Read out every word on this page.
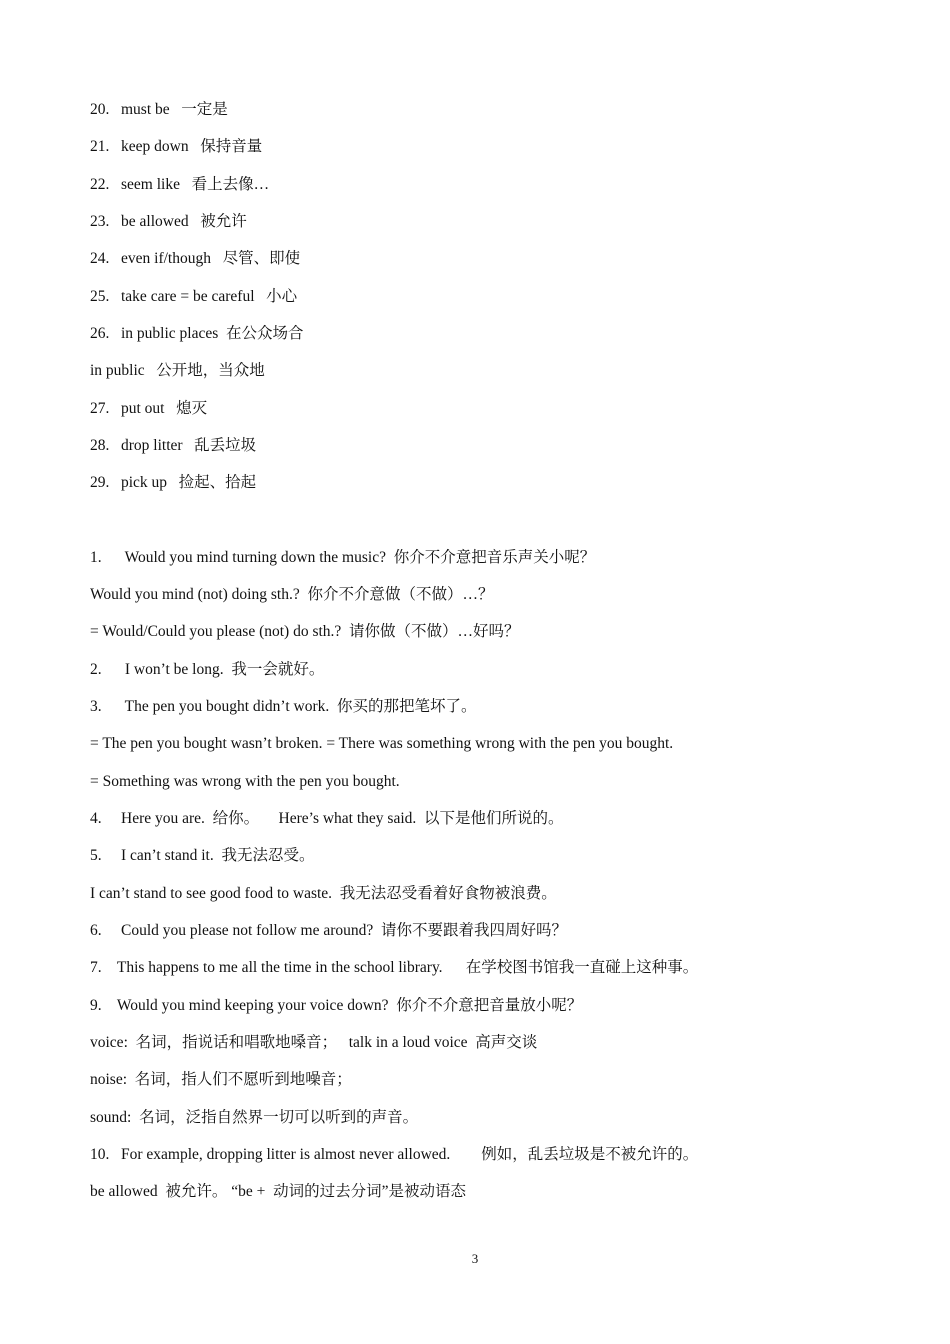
20.   must be   一定是
21.   keep down   保持音量
22.   seem like   看上去像…
23.   be allowed   被允许
24.   even if/though   尽管、即使
25.   take care = be careful   小心
26.   in public places  在公众场合
in public   公开地，当众地
27.   put out   熄灭
28.   drop litter   乱丢垃圾
29.   pick up   捡起、拾起
1.      Would you mind turning down the music?  你介不介意把音乐声关小呢？
Would you mind (not) doing sth.?  你介不介意做（不做）…？
= Would/Could you please (not) do sth.?  请你做（不做）…好吗？
2.      I won’t be long.  我一会就好。
3.      The pen you bought didn’t work.  你买的那把笔坏了。
= The pen you bought wasn’t broken. = There was something wrong with the pen you bought.
= Something was wrong with the pen you bought.
4.     Here you are.  给你。     Here’s what they said.  以下是他们所说的。
5.     I can’t stand it.  我无法忍受。
I can’t stand to see good food to waste.  我无法忍受看着好食物被浪费。
6.     Could you please not follow me around?  请你不要跟着我四周好吗？
7.    This happens to me all the time in the school library.      在学校图书馆我一直碰上这种事。
9.    Would you mind keeping your voice down?  你介不介意把音量放小呢？
voice:  名词，指说话和唱歌地嗓音；   talk in a loud voice  高声交谈
noise:  名词，指人们不愿听到地噪音；
sound:  名词，泛指自然界一切可以听到的声音。
10.   For example, dropping litter is almost never allowed.        例如，乱丢垃圾是不被允许的。
be allowed  被允许。 “be +  动词的过去分词”是被动语态
3
